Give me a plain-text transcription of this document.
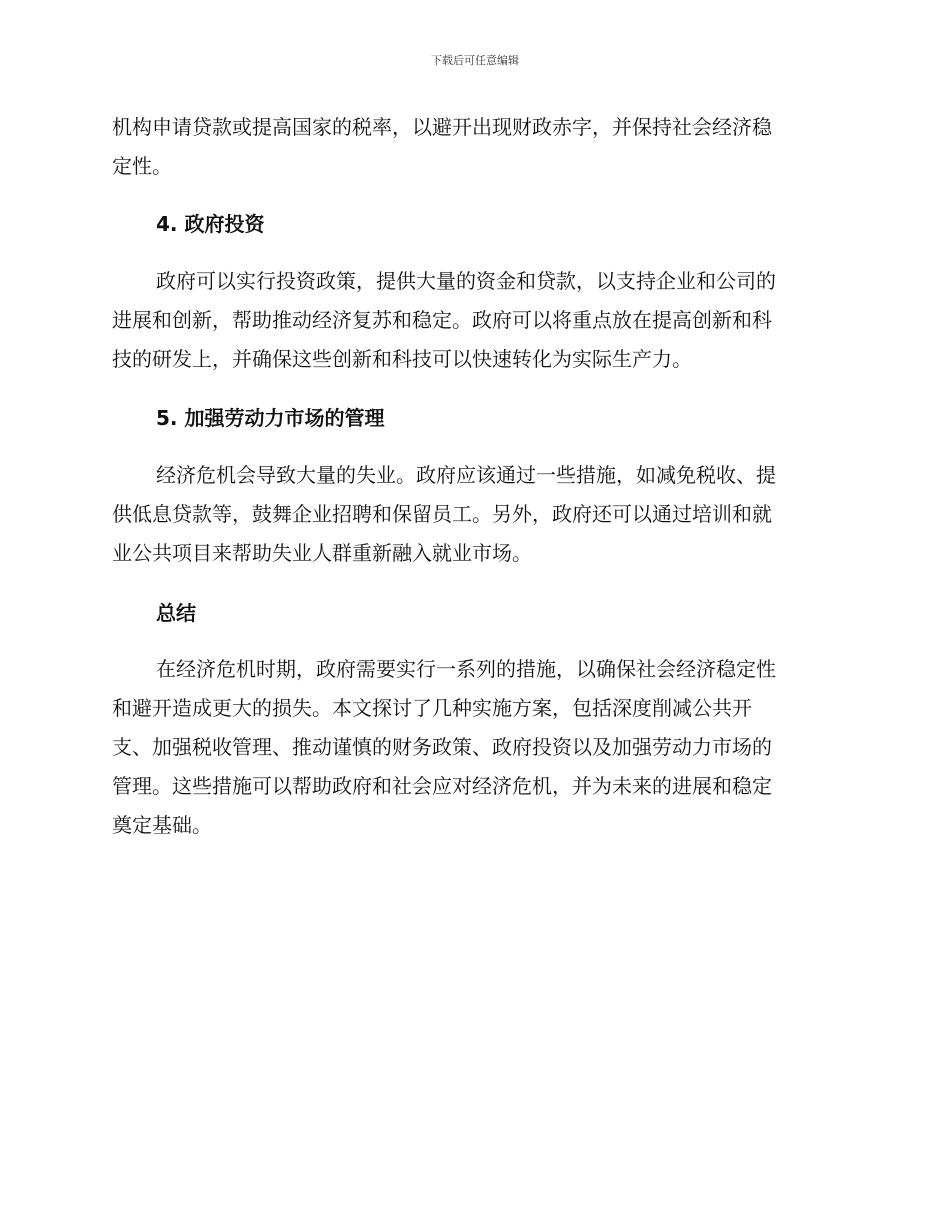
下载后可任意编辑

机构申请贷款或提高国家的税率，以避开出现财政赤字，并保持社会经济稳
定性。

4. 政府投资

政府可以实行投资政策，提供大量的资金和贷款，以支持企业和公司的
进展和创新，帮助推动经济复苏和稳定。政府可以将重点放在提高创新和科
技的研发上，并确保这些创新和科技可以快速转化为实际生产力。

5. 加强劳动力市场的管理

经济危机会导致大量的失业。政府应该通过一些措施，如减免税收、提
供低息贷款等，鼓舞企业招聘和保留员工。另外，政府还可以通过培训和就
业公共项目来帮助失业人群重新融入就业市场。

总结

在经济危机时期，政府需要实行一系列的措施，以确保社会经济稳定性
和避开造成更大的损失。本文探讨了几种实施方案，包括深度削减公共开
支、加强税收管理、推动谨慎的财务政策、政府投资以及加强劳动力市场的
管理。这些措施可以帮助政府和社会应对经济危机，并为未来的进展和稳定
奠定基础。
